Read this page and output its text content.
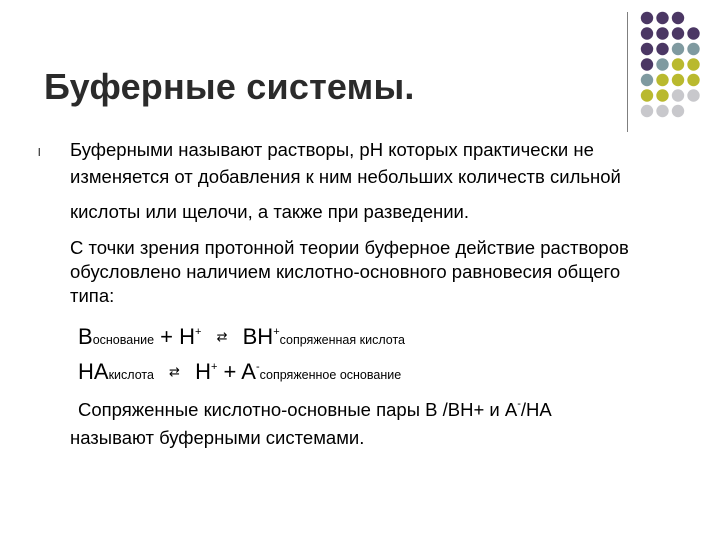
Буферные системы.
l Буферными называют растворы, pH которых практически не

изменяется от добавления к ним небольших количеств сильной

кислоты или щелочи, а также при разведении.

С точки зрения протонной теории буферное действие растворов

обусловлено наличием кислотно-основного равновесия общего

типа:

Bоснование + H+ ⇄ BH+сопряженная кислота
HAкислота ⇄ H+ + A-сопряженное основание
Сопряженные кислотно-основные пары B /BH+ и A-/HA

называют буферными системами.
